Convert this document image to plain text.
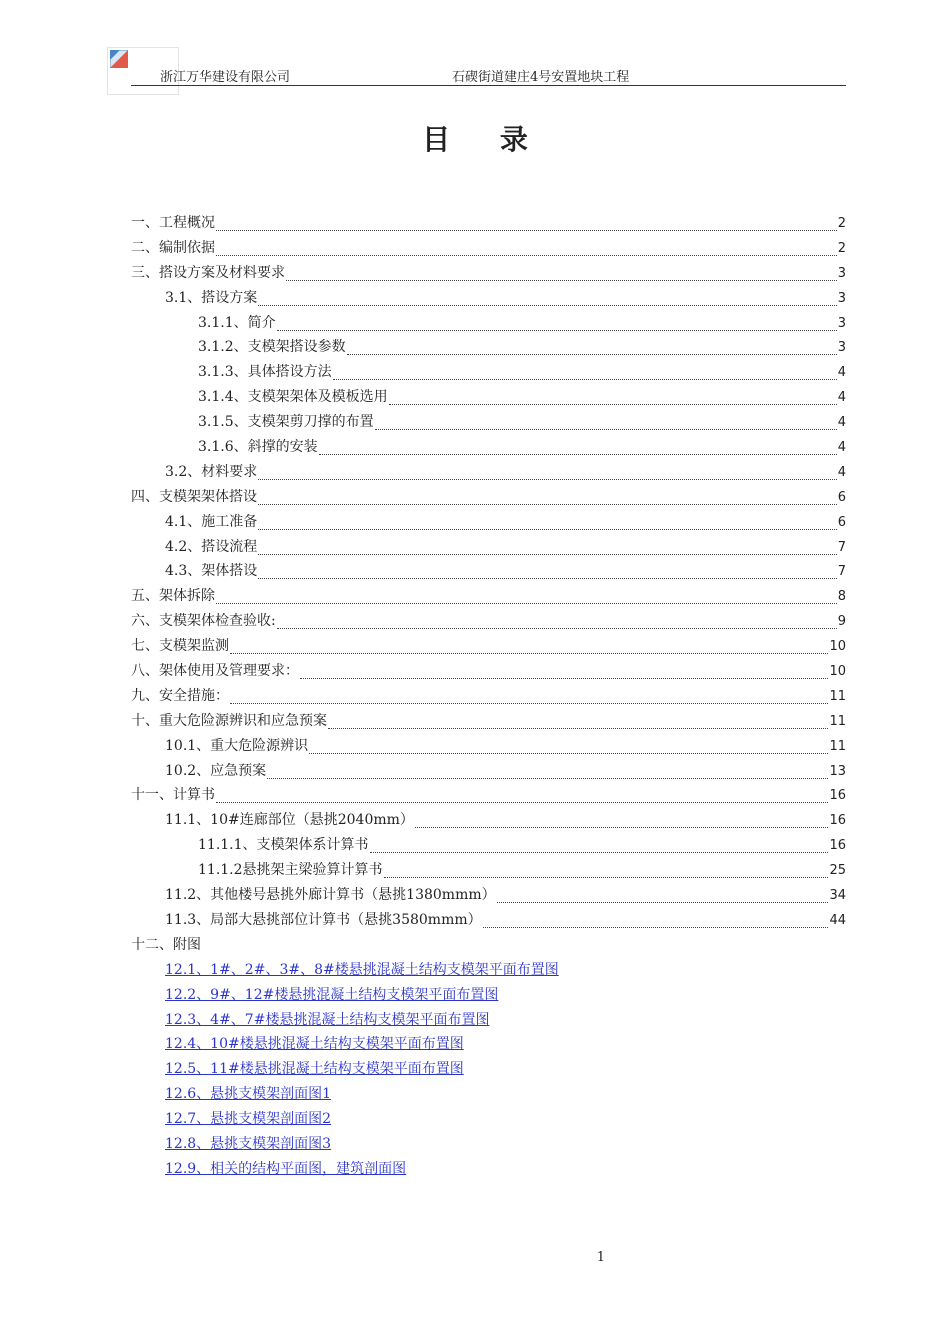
浙江万华建设有限公司	石碶街道建庄4号安置地块工程
目 录
一、工程概况	2
二、编制依据	2
三、搭设方案及材料要求	3
3.1、搭设方案	3
3.1.1、简介	3
3.1.2、支模架搭设参数	3
3.1.3、具体搭设方法	4
3.1.4、支模架架体及模板选用	4
3.1.5、支模架剪刀撑的布置	4
3.1.6、斜撑的安装	4
3.2、材料要求	4
四、支模架架体搭设	6
4.1、施工准备	6
4.2、搭设流程	7
4.3、架体搭设	7
五、架体拆除	8
六、支模架体检查验收:	9
七、支模架监测	10
八、架体使用及管理要求：	10
九、安全措施：	11
十、重大危险源辨识和应急预案	11
10.1、重大危险源辨识	11
10.2、应急预案	13
十一、计算书	16
11.1、10#连廊部位（悬挑2040mm）	16
11.1.1、支模架体系计算书	16
11.1.2悬挑架主梁验算计算书	25
11.2、其他楼号悬挑外廊计算书（悬挑1380mmm）	34
11.3、局部大悬挑部位计算书（悬挑3580mmm）	44
十二、附图
12.1、1#、2#、3#、8#楼悬挑混凝土结构支模架平面布置图
12.2、9#、12#楼悬挑混凝土结构支模架平面布置图
12.3、4#、7#楼悬挑混凝土结构支模架平面布置图
12.4、10#楼悬挑混凝土结构支模架平面布置图
12.5、11#楼悬挑混凝土结构支模架平面布置图
12.6、悬挑支模架剖面图1
12.7、悬挑支模架剖面图2
12.8、悬挑支模架剖面图3
12.9、相关的结构平面图，建筑剖面图
1
